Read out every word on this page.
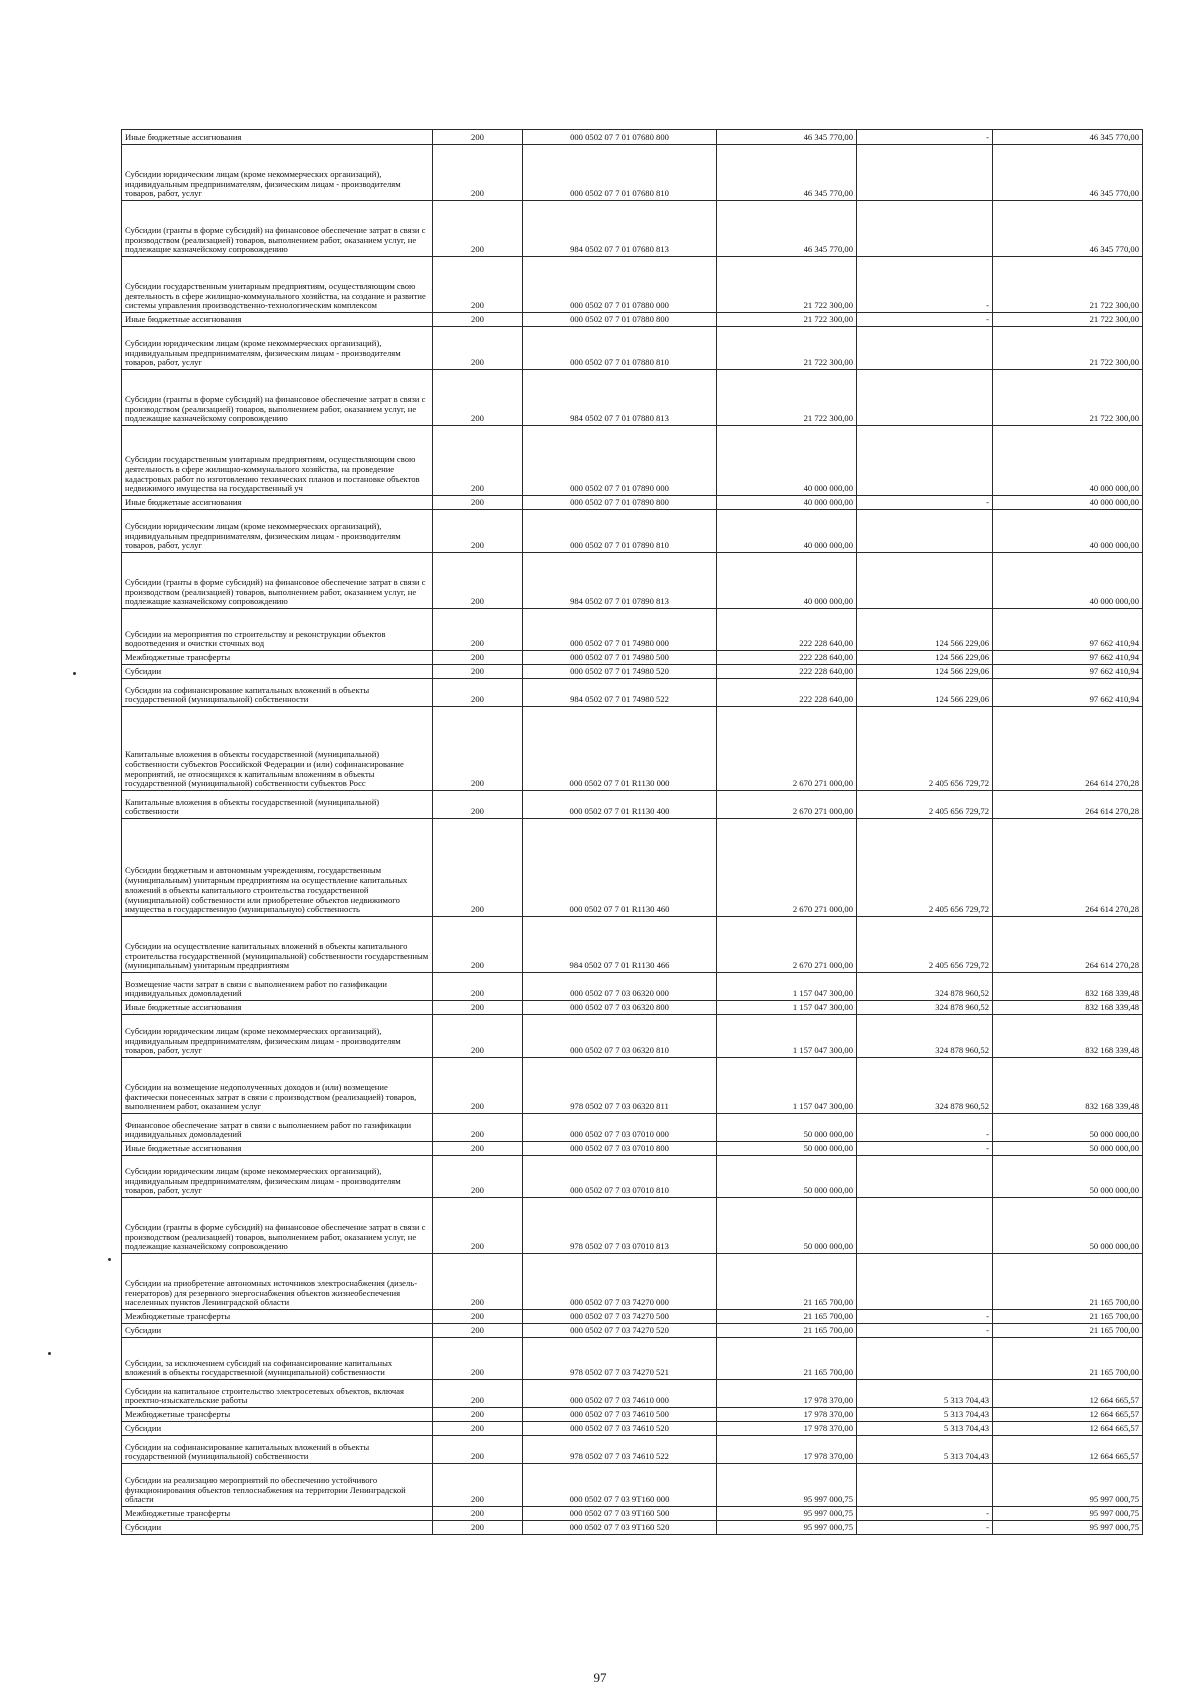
Иные бюджетные ассигнования	200	000 0502 07 7 01 07680 800	46 345 770,00	-	46 345 770,00
Субсидии юридическим лицам (кроме некоммерческих организаций), индивидуальным предпринимателям, физическим лицам - производителям товаров, работ, услуг	200	000 0502 07 7 01 07680 810	46 345 770,00		46 345 770,00
Субсидии (гранты в форме субсидий) на финансовое обеспечение затрат в связи с производством (реализацией) товаров, выполнением работ, оказанием услуг, не подлежащие казначейскому сопровождению	200	984 0502 07 7 01 07680 813	46 345 770,00		46 345 770,00
Субсидии государственным унитарным предприятиям, осуществляющим свою деятельность в сфере жилищно-коммунального хозяйства, на создание и развитие системы управления производственно-технологическим комплексом	200	000 0502 07 7 01 07880 000	21 722 300,00	-	21 722 300,00
Иные бюджетные ассигнования	200	000 0502 07 7 01 07880 800	21 722 300,00	-	21 722 300,00
Субсидии юридическим лицам (кроме некоммерческих организаций), индивидуальным предпринимателям, физическим лицам - производителям товаров, работ, услуг	200	000 0502 07 7 01 07880 810	21 722 300,00		21 722 300,00
Субсидии (гранты в форме субсидий) на финансовое обеспечение затрат в связи с производством (реализацией) товаров, выполнением работ, оказанием услуг, не подлежащие казначейскому сопровождению	200	984 0502 07 7 01 07880 813	21 722 300,00		21 722 300,00
Субсидии государственным унитарным предприятиям, осуществляющим свою деятельность в сфере жилищно-коммунального хозяйства, на проведение кадастровых работ по изготовлению технических планов и постановке объектов недвижимого имущества на государственный уч	200	000 0502 07 7 01 07890 000	40 000 000,00		40 000 000,00
Иные бюджетные ассигнования	200	000 0502 07 7 01 07890 800	40 000 000,00	-	40 000 000,00
Субсидии юридическим лицам (кроме некоммерческих организаций), индивидуальным предпринимателям, физическим лицам - производителям товаров, работ, услуг	200	000 0502 07 7 01 07890 810	40 000 000,00		40 000 000,00
Субсидии (гранты в форме субсидий) на финансовое обеспечение затрат в связи с производством (реализацией) товаров, выполнением работ, оказанием услуг, не подлежащие казначейскому сопровождению	200	984 0502 07 7 01 07890 813	40 000 000,00		40 000 000,00
Субсидии на мероприятия по строительству и реконструкции объектов водоотведения и очистки сточных вод	200	000 0502 07 7 01 74980 000	222 228 640,00	124 566 229,06	97 662 410,94
Межбюджетные трансферты	200	000 0502 07 7 01 74980 500	222 228 640,00	124 566 229,06	97 662 410,94
Субсидии	200	000 0502 07 7 01 74980 520	222 228 640,00	124 566 229,06	97 662 410,94
Субсидии на софинансирование капитальных вложений в объекты государственной (муниципальной) собственности	200	984 0502 07 7 01 74980 522	222 228 640,00	124 566 229,06	97 662 410,94
Капитальные вложения в объекты государственной (муниципальной) собственности субъектов Российской Федерации и (или) софинансирование мероприятий, не относящихся к капитальным вложениям в объекты государственной (муниципальной) собственности субъектов Росс	200	000 0502 07 7 01 R1130 000	2 670 271 000,00	2 405 656 729,72	264 614 270,28
Капитальные вложения в объекты государственной (муниципальной) собственности	200	000 0502 07 7 01 R1130 400	2 670 271 000,00	2 405 656 729,72	264 614 270,28
Субсидии бюджетным и автономным учреждениям, государственным (муниципальным) унитарным предприятиям на осуществление капитальных вложений в объекты капитального строительства государственной (муниципальной) собственности или приобретение объектов недвижимого имущества в государственную (муниципальную) собственность	200	000 0502 07 7 01 R1130 460	2 670 271 000,00	2 405 656 729,72	264 614 270,28
Субсидии на осуществление капитальных вложений в объекты капитального строительства государственной (муниципальной) собственности государственным (муниципальным) унитарным предприятиям	200	984 0502 07 7 01 R1130 466	2 670 271 000,00	2 405 656 729,72	264 614 270,28
Возмещение части затрат в связи с выполнением работ по газификации индивидуальных домовладений	200	000 0502 07 7 03 06320 000	1 157 047 300,00	324 878 960,52	832 168 339,48
Иные бюджетные ассигнования	200	000 0502 07 7 03 06320 800	1 157 047 300,00	324 878 960,52	832 168 339,48
Субсидии юридическим лицам (кроме некоммерческих организаций), индивидуальным предпринимателям, физическим лицам - производителям товаров, работ, услуг	200	000 0502 07 7 03 06320 810	1 157 047 300,00	324 878 960,52	832 168 339,48
Субсидии на возмещение недополученных доходов и (или) возмещение фактически понесенных затрат в связи с производством (реализацией) товаров, выполнением работ, оказанием услуг	200	978 0502 07 7 03 06320 811	1 157 047 300,00	324 878 960,52	832 168 339,48
Финансовое обеспечение затрат в связи с выполнением работ по газификации индивидуальных домовладений	200	000 0502 07 7 03 07010 000	50 000 000,00	-	50 000 000,00
Иные бюджетные ассигнования	200	000 0502 07 7 03 07010 800	50 000 000,00	-	50 000 000,00
Субсидии юридическим лицам (кроме некоммерческих организаций), индивидуальным предпринимателям, физическим лицам - производителям товаров, работ, услуг	200	000 0502 07 7 03 07010 810	50 000 000,00		50 000 000,00
Субсидии (гранты в форме субсидий) на финансовое обеспечение затрат в связи с производством (реализацией) товаров, выполнением работ, оказанием услуг, не подлежащие казначейскому сопровождению	200	978 0502 07 7 03 07010 813	50 000 000,00		50 000 000,00
Субсидии на приобретение автономных источников электроснабжения (дизель-генераторов) для резервного энергоснабжения объектов жизнеобеспечения населенных пунктов Ленинградской области	200	000 0502 07 7 03 74270 000	21 165 700,00		21 165 700,00
Межбюджетные трансферты	200	000 0502 07 7 03 74270 500	21 165 700,00	-	21 165 700,00
Субсидии	200	000 0502 07 7 03 74270 520	21 165 700,00	-	21 165 700,00
Субсидии, за исключением субсидий на софинансирование капитальных вложений в объекты государственной (муниципальной) собственности	200	978 0502 07 7 03 74270 521	21 165 700,00		21 165 700,00
Субсидии на капитальное строительство электросетевых объектов, включая проектно-изыскательские работы	200	000 0502 07 7 03 74610 000	17 978 370,00	5 313 704,43	12 664 665,57
Межбюджетные трансферты	200	000 0502 07 7 03 74610 500	17 978 370,00	5 313 704,43	12 664 665,57
Субсидии	200	000 0502 07 7 03 74610 520	17 978 370,00	5 313 704,43	12 664 665,57
Субсидии на софинансирование капитальных вложений в объекты государственной (муниципальной) собственности	200	978 0502 07 7 03 74610 522	17 978 370,00	5 313 704,43	12 664 665,57
Субсидии на реализацию мероприятий по обеспечению устойчивого функционирования объектов теплоснабжения на территории Ленинградской области	200	000 0502 07 7 03 9Т160 000	95 997 000,75		95 997 000,75
Межбюджетные трансферты	200	000 0502 07 7 03 9Т160 500	95 997 000,75	-	95 997 000,75
Субсидии	200	000 0502 07 7 03 9Т160 520	95 997 000,75	-	95 997 000,75
97
